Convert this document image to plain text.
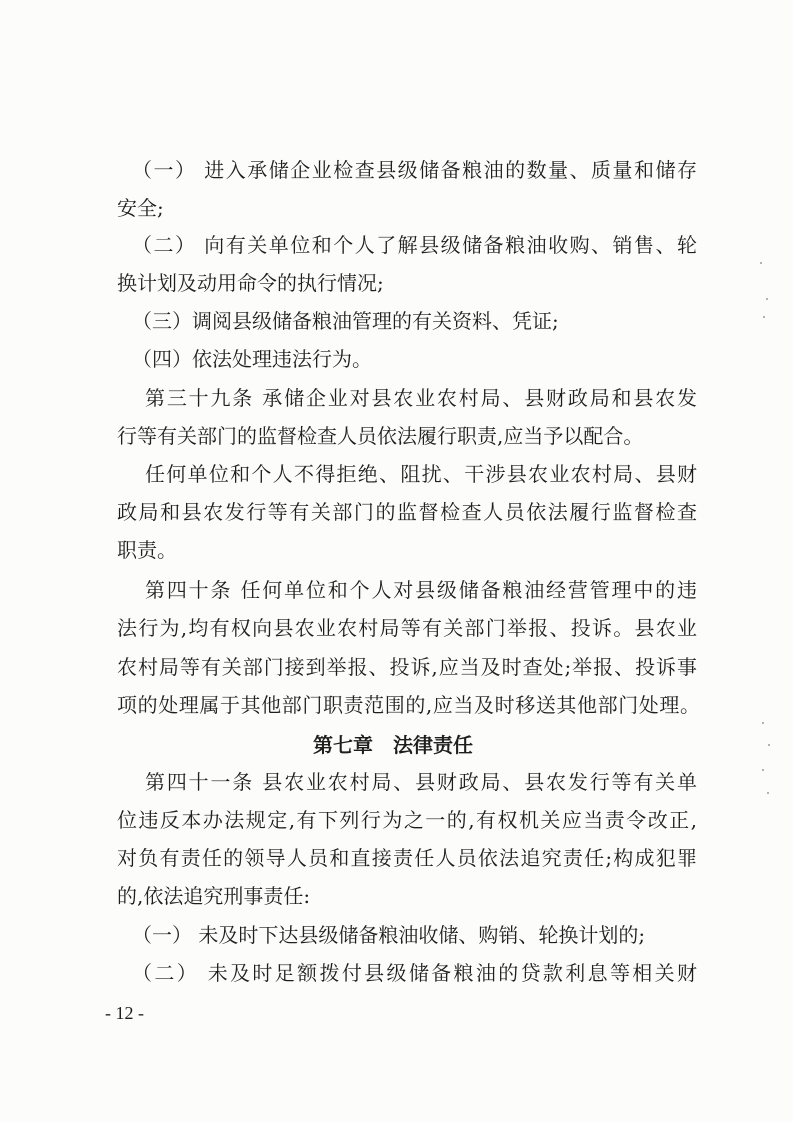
（一） 进入承储企业检查县级储备粮油的数量、质量和储存
安全;
（二） 向有关单位和个人了解县级储备粮油收购、销售、轮
换计划及动用命令的执行情况;
（三）调阅县级储备粮油管理的有关资料、凭证;
（四）依法处理违法行为。
第三十九条 承储企业对县农业农村局、县财政局和县农发
行等有关部门的监督检查人员依法履行职责,应当予以配合。
任何单位和个人不得拒绝、阻扰、干涉县农业农村局、县财
政局和县农发行等有关部门的监督检查人员依法履行监督检查
职责。
第四十条 任何单位和个人对县级储备粮油经营管理中的违
法行为,均有权向县农业农村局等有关部门举报、投诉。县农业
农村局等有关部门接到举报、投诉,应当及时查处;举报、投诉事
项的处理属于其他部门职责范围的,应当及时移送其他部门处理。
第七章　法律责任
第四十一条 县农业农村局、县财政局、县农发行等有关单
位违反本办法规定,有下列行为之一的,有权机关应当责令改正,
对负有责任的领导人员和直接责任人员依法追究责任;构成犯罪
的,依法追究刑事责任:
（一） 未及时下达县级储备粮油收储、购销、轮换计划的;
（二） 未及时足额拨付县级储备粮油的贷款利息等相关财
- 12 -
